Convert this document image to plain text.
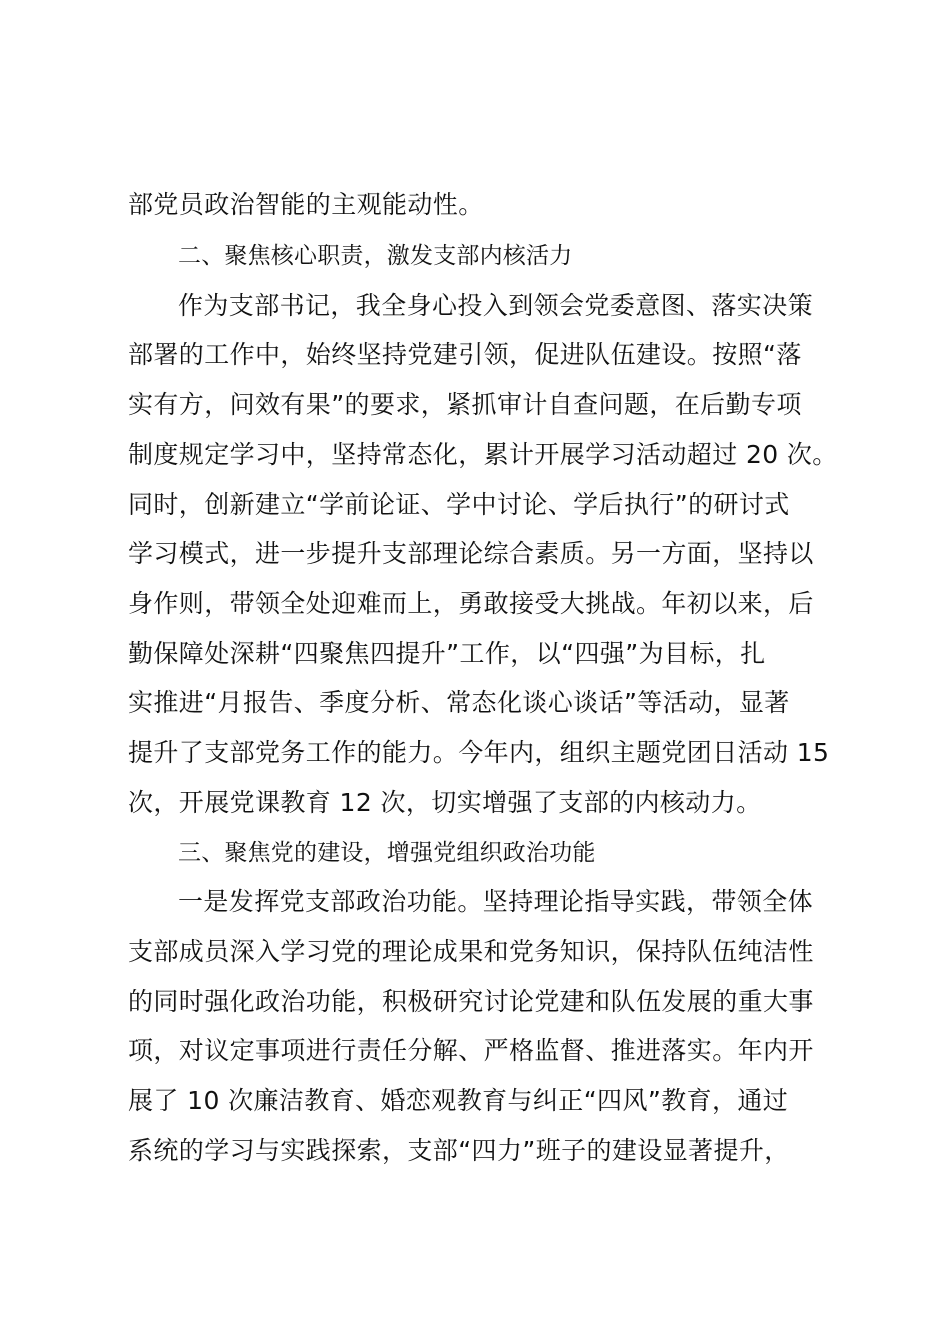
部党员政治智能的主观能动性。
二、聚焦核心职责，激发支部内核活力
作为支部书记，我全身心投入到领会党委意图、落实决策
部署的工作中，始终坚持党建引领，促进队伍建设。按照“落
实有方，问效有果”的要求，紧抓审计自查问题，在后勤专项
制度规定学习中，坚持常态化，累计开展学习活动超过 20 次。
同时，创新建立“学前论证、学中讨论、学后执行”的研讨式
学习模式，进一步提升支部理论综合素质。另一方面，坚持以
身作则，带领全处迎难而上，勇敢接受大挑战。年初以来，后
勤保障处深耕“四聚焦四提升”工作，以“四强”为目标，扎
实推进“月报告、季度分析、常态化谈心谈话”等活动，显著
提升了支部党务工作的能力。今年内，组织主题党团日活动 15
次，开展党课教育 12 次，切实增强了支部的内核动力。
三、聚焦党的建设，增强党组织政治功能
一是发挥党支部政治功能。坚持理论指导实践，带领全体
支部成员深入学习党的理论成果和党务知识，保持队伍纯洁性
的同时强化政治功能，积极研究讨论党建和队伍发展的重大事
项，对议定事项进行责任分解、严格监督、推进落实。年内开
展了 10 次廉洁教育、婚恋观教育与纠正“四风”教育，通过
系统的学习与实践探索，支部“四力”班子的建设显著提升，
